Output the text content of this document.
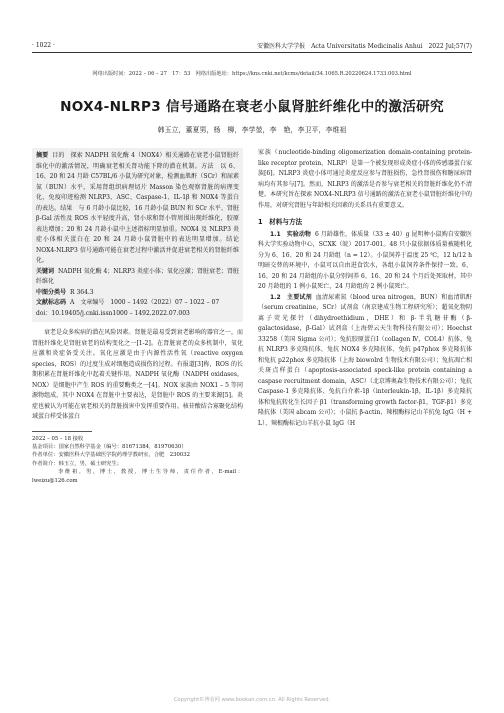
· 1022 ·	安徽医科大学学报　Acta Universitatis Medicinalis Anhui　2022 Jul;57(7)
网络出版时间：2022 – 06 – 27　17：53　网络出版地址：https://kns.cnki.net/kcms/detail/34.1065.R.20220624.1733.003.html
NOX4-NLRP3 信号通路在衰老小鼠肾脏纤维化中的激活研究
韩玉立，董夏男，杨　柳，李学堃，李　艳，李卫平，李维祖

摘要 目的　探索 NADPH 氧化酶 4（NOX4）相关通路在衰老小鼠肾脏纤维化中的激活情况，明确衰老相关肾功能下降的潜在机制。方法　以 6、16、20 和 24 月龄 C57BL/6 小鼠为研究对象，检测血肌酐（SCr）和尿素氮（BUN）水平，采用肾组织病理切片 Masson 染色观察肾脏的病理变化，免疫印迹检测 NLRP3、ASC、Caspase-1、IL-1β 和 NOX4 等蛋白的表达。结果　与 6 月龄小鼠比较，16 月龄小鼠 BUN 和 SCr 水平、肾脏 β-Gal 活性及 ROS 水平轻度升高，肾小球和肾小管周围出现纤维化，胶原表达增加；20 和 24 月龄小鼠中上述指标明显加重。NOX4 及 NLRP3 炎症小体相关蛋白在 20 和 24 月龄小鼠肾脏中的表达明显增加。结论　NOX4-NLRP3 信号通路可能在衰老过程中激活并促进衰老相关的肾脏纤维化。

关键词 NADPH 氧化酶 4；NLRP3 炎症小体；氧化应激；肾脏衰老；肾脏纤维化

中图分类号 R 364.3

文献标志码 A　文章编号　1000 – 1492（2022）07 – 1022 – 07

doi：10.19405/j.cnki.issn1000 – 1492.2022.07.003

衰老是众多疾病的潜在风险因素。肾脏是最易受到衰老影响的器官之一，而肾脏纤维化是肾脏衰老的结构变化之一[1-2]。在肾脏衰老的众多机制中，氧化应激和炎症备受关注。氧化应激是由于内源性活性氧（reactive oxygen species，ROS）的过度生成对细胞造成损伤的过程。有报道[3]称，ROS 的长期积累在肾脏纤维化中起着关键作用。NADPH 氧化酶（NADPH oxidases，NOX）是细胞中产生 ROS 的重要酶类之一[4]。NOX 家族由 NOX1 – 5 等同源物组成，其中 NOX4 在肾脏中主要表达，是肾脏中 ROS 的主要来源[5]。炎症也被认为可能在衰老相关的肾脏损害中发挥重要作用。核苷酸结合寡聚化结构域蛋白样受体蛋白

2022 – 05 – 18 接收

基金项目：国家自然科学基金（编号：81671384，81970630）

作者单位：安徽医科大学基础医学院药理学教研室，合肥　230032

作者简介：韩玉立，男，硕士研究生；

李维祖，男，博士，教授，博士生导师，责任作者，E-mail：lweizu@126.com

家族（nucleotide-binding oligomerization domain-containing protein-like receptor protein，NLRP）是第一个被发现形成炎症小体的传感器蛋白家族[6]。NLRP3 炎症小体可通过炎症反应参与肾脏损伤，急性肾损伤和糖尿病肾病均有其参与[7]。然而，NLRP3 的激活是否参与衰老相关的肾脏纤维化仍不清楚。本研究旨在探索 NOX4-NLRP3 信号通路的激活在衰老小鼠肾脏纤维化中的作用，对研究肾脏与年龄相关因素的关系具有重要意义。

1　材料与方法

1.1　实验动物 6 月龄雄性，体质量（33 ± 40）g 昆明种小鼠购自安徽医科大学实验动物中心，SCXK（皖）2017-001。48 只小鼠依据体质量被随机化分为 6、16、20 和 24 月龄组（n = 12）。小鼠饲养于温度 25 ℃，12 h/12 h 明暗交替的环境中，小鼠可以自由进食饮水，各组小鼠饲养条件保持一致。6、16、20 和 24 月龄组的小鼠分别饲养 6、16、20 和 24 个月后处死取材。其中 20 月龄组的 1 例小鼠死亡，24 月龄组的 2 例小鼠死亡。

1.2　主要试剂 血清尿素氮（blood urea nitrogen，BUN）和血清肌酐（serum creatinine，SCr）试剂盒（南京建成生物工程研究所）；超氧化物阴离子荧光探针（dihydroethidium，DHE）和 β-半乳糖苷酶（β-galactosidase，β-Gal）试剂盒（上海碧云天生物科技有限公司）；Hoechst 33258（美国 Sigma 公司）；兔抗胶原蛋白Ⅰ（collagen Ⅳ，COL4）抗体、兔抗 NLRP3 多克隆抗体、兔抗 NOX4 多克隆抗体、兔抗 p47phox 多克隆抗体和兔抗 p22phox 多克隆抗体（上海 biowolrd 生物技术有限公司）；兔抗凋亡相关斑点样蛋白（apoptosis-associated speck-like protein containing a caspase recruitment domain，ASC）（北京博奥森生物技术有限公司）；兔抗 Caspase-1 多克隆抗体、兔抗白介素-1β（interleukin-1β，IL-1β）多克隆抗体和兔抗转化生长因子 β1（transforming growth factor-β1，TGF-β1）多克隆抗体（美国 abcam 公司）；小鼠抗 β-actin、辣根酶标记山羊抗兔 IgG（H + L）、辣根酶标记山羊抗小鼠 IgG（H

Copyright©博看网 www.bookan.com.cn. All Rights Reserved.
